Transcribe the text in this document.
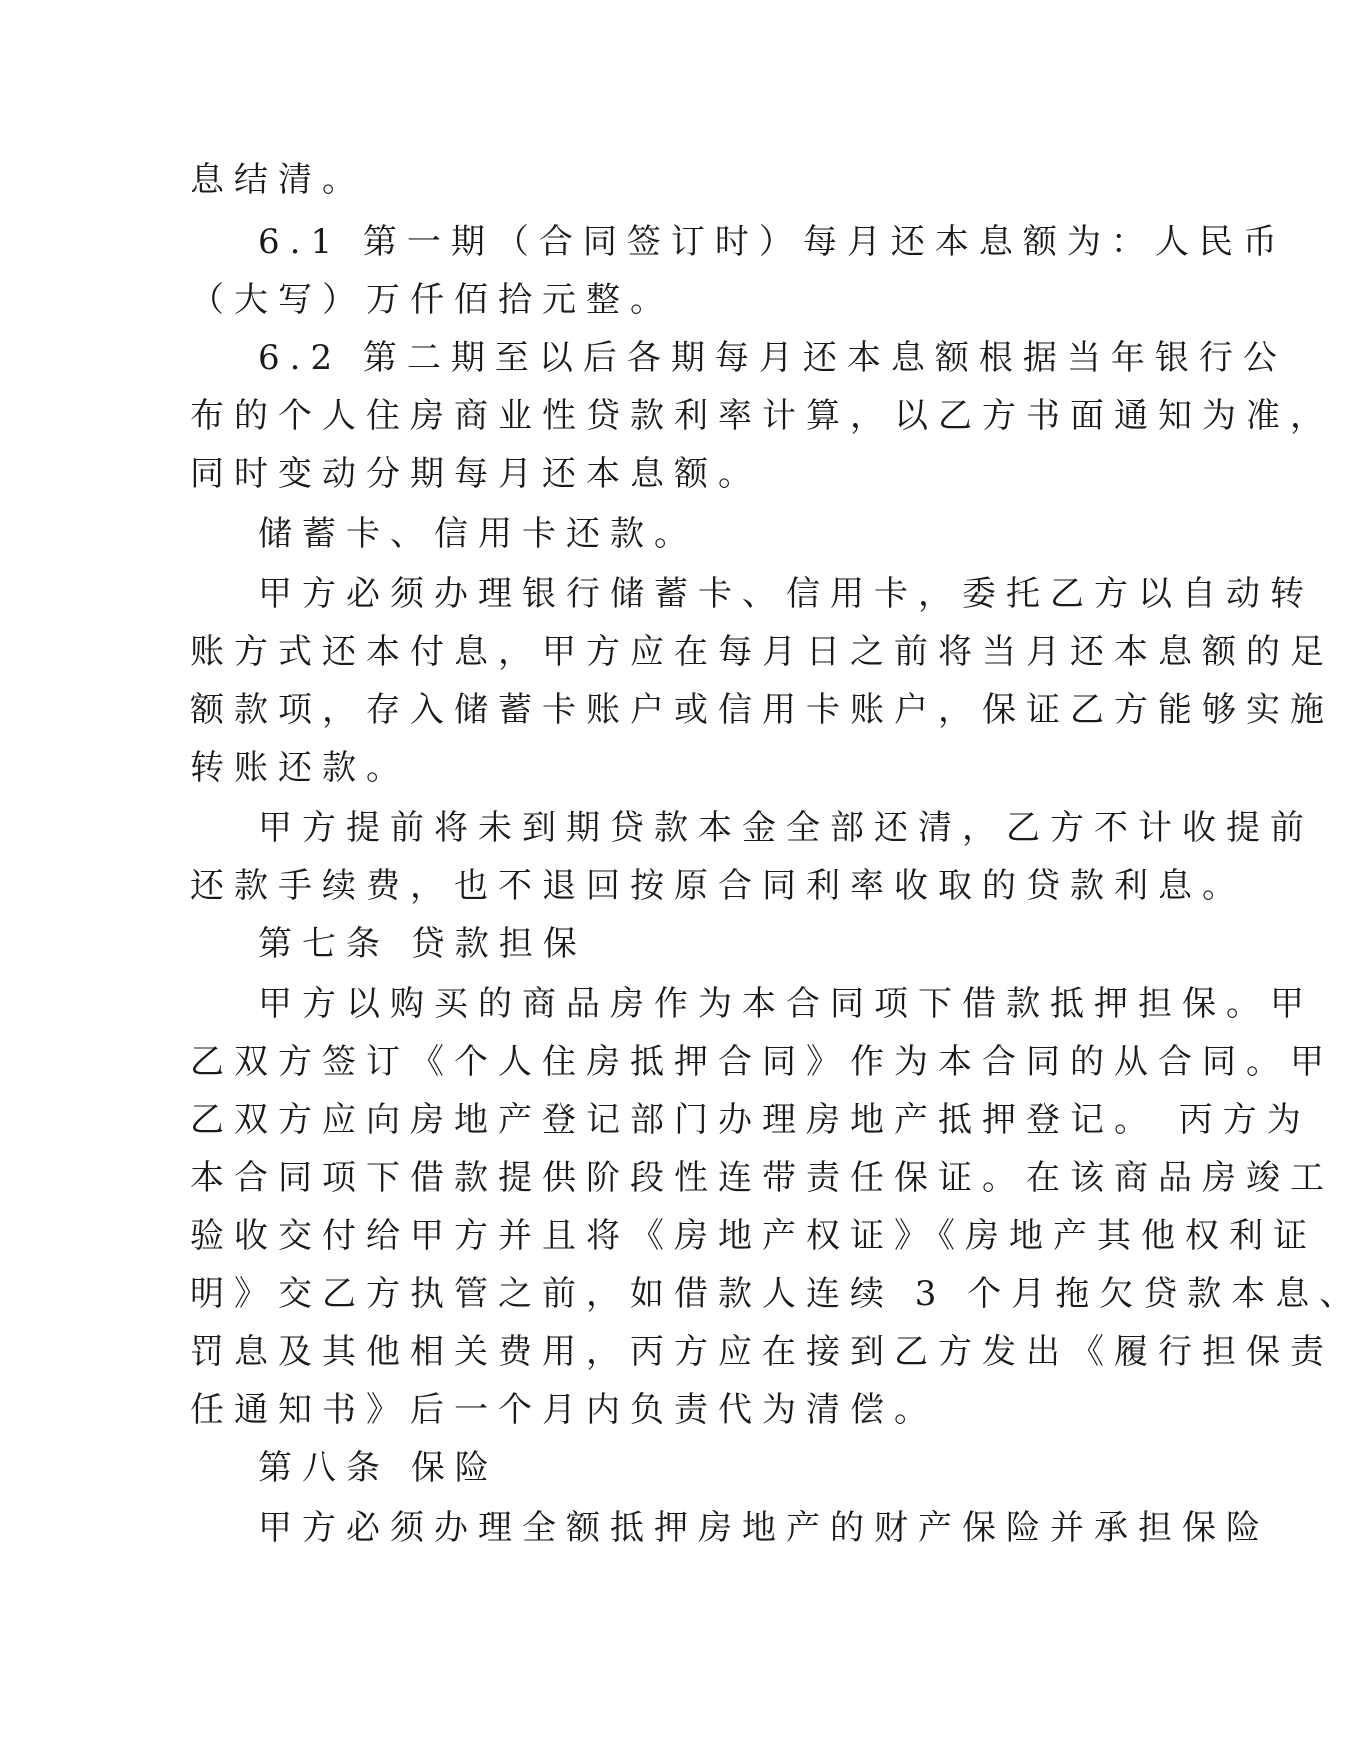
息结清。
6.1 第一期（合同签订时）每月还本息额为：人民币
（大写）万仟佰拾元整。
6.2 第二期至以后各期每月还本息额根据当年银行公
布的个人住房商业性贷款利率计算，以乙方书面通知为准，
同时变动分期每月还本息额。
储蓄卡、信用卡还款。
甲方必须办理银行储蓄卡、信用卡，委托乙方以自动转
账方式还本付息，甲方应在每月日之前将当月还本息额的足
额款项，存入储蓄卡账户或信用卡账户，保证乙方能够实施
转账还款。
甲方提前将未到期贷款本金全部还清，乙方不计收提前
还款手续费，也不退回按原合同利率收取的贷款利息。
第七条 贷款担保
甲方以购买的商品房作为本合同项下借款抵押担保。甲
乙双方签订《个人住房抵押合同》作为本合同的从合同。甲
乙双方应向房地产登记部门办理房地产抵押登记。 丙方为
本合同项下借款提供阶段性连带责任保证。在该商品房竣工
验收交付给甲方并且将《房地产权证》《房地产其他权利证
明》交乙方执管之前，如借款人连续 3 个月拖欠贷款本息、
罚息及其他相关费用，丙方应在接到乙方发出《履行担保责
任通知书》后一个月内负责代为清偿。
第八条 保险
甲方必须办理全额抵押房地产的财产保险并承担保险
